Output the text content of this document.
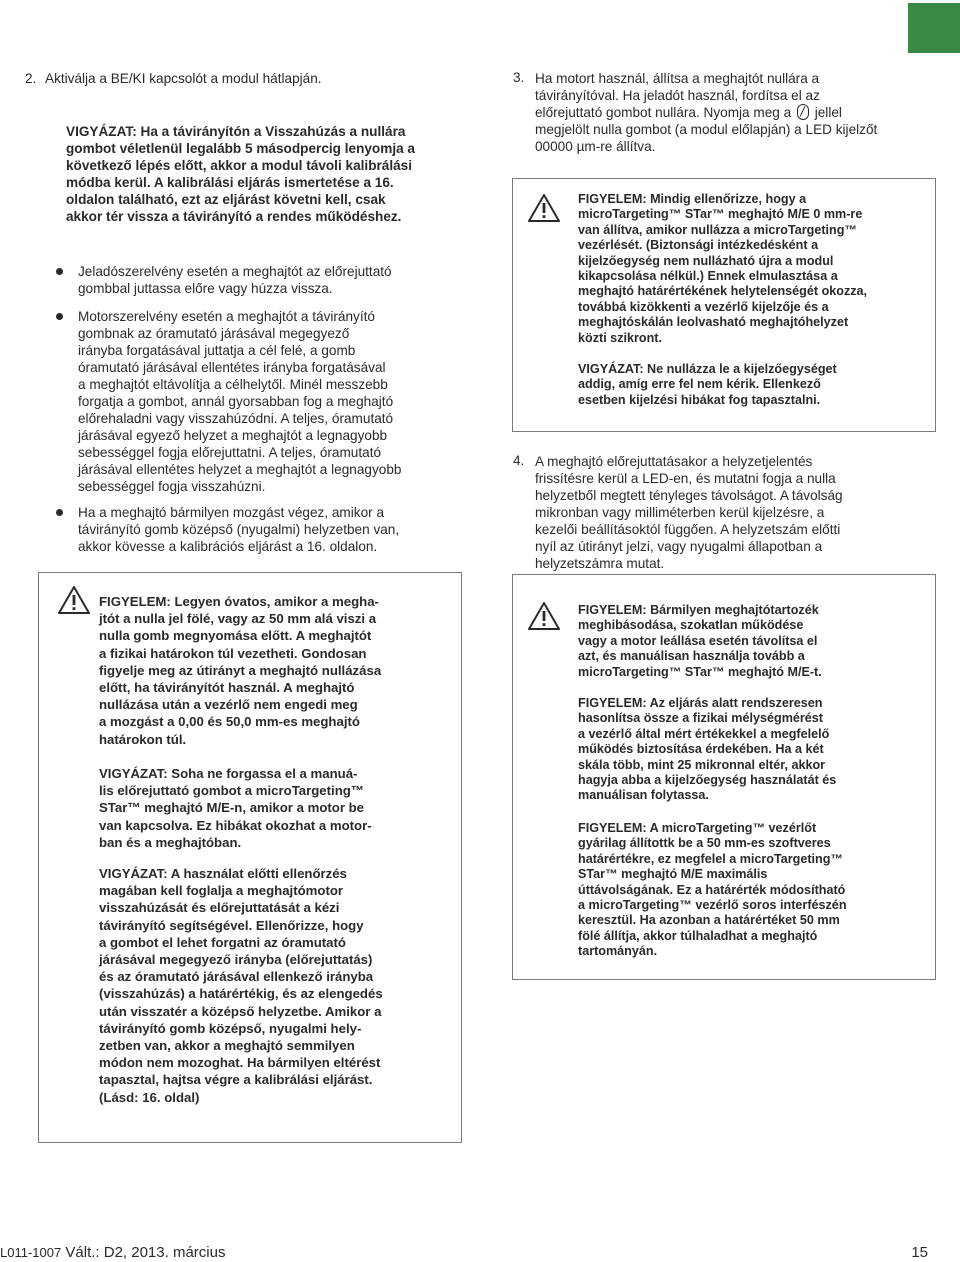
2. Aktiválja a BE/KI kapcsolót a modul hátlapján.

VIGYÁZAT: Ha a távirányítón a Visszahúzás a nullára

gombot véletlenül legalább 5 másodpercig lenyomja a

következő lépés előtt, akkor a modul távoli kalibrálási

módba kerül. A kalibrálási eljárás ismertetése a 16.

oldalon található, ezt az eljárást követni kell, csak

akkor tér vissza a távirányító a rendes működéshez.

Jeladószerelvény esetén a meghajtót az előrejuttató

gombbal juttassa előre vagy húzza vissza.

Motorszerelvény esetén a meghajtót a távirányító

gombnak az óramutató járásával megegyező

irányba forgatásával juttatja a cél felé, a gomb

óramutató járásával ellentétes irányba forgatásával

a meghajtót eltávolítja a célhelytől. Minél messzebb

forgatja a gombot, annál gyorsabban fog a meghajtó

előrehaladni vagy visszahúzódni. A teljes, óramutató

járásával egyező helyzet a meghajtót a legnagyobb

sebességgel fogja előrejuttatni. A teljes, óramutató

járásával ellentétes helyzet a meghajtót a legnagyobb

sebességgel fogja visszahúzni.

Ha a meghajtó bármilyen mozgást végez, amikor a

távirányító gomb középső (nyugalmi) helyzetben van,

akkor kövesse a kalibrációs eljárást a 16. oldalon.

FIGYELEM: Legyen óvatos, amikor a megha-
jtót a nulla jel fölé, vagy az 50 mm alá viszi a
nulla gomb megnyomása előtt. A meghajtót
a fizikai határokon túl vezetheti. Gondosan
figyelje meg az útirányt a meghajtó nullázása
előtt, ha távirányítót használ. A meghajtó
nullázása után a vezérlő nem engedi meg
a mozgást a 0,00 és 50,0 mm-es meghajtó
határokon túl.
VIGYÁZAT: Soha ne forgassa el a manuá-
lis előrejuttató gombot a microTargeting™
STar™ meghajtó M/E-n, amikor a motor be
van kapcsolva. Ez hibákat okozhat a motor-
ban és a meghajtóban.
VIGYÁZAT: A használat előtti ellenőrzés
magában kell foglalja a meghajtómotor
visszahúzását és előrejuttatását a kézi
távirányító segítségével. Ellenőrizze, hogy
a gombot el lehet forgatni az óramutató
járásával megegyező irányba (előrejuttatás)
és az óramutató járásával ellenkező irányba
(visszahúzás) a határértékig, és az elengedés
után visszatér a középső helyzetbe. Amikor a
távirányító gomb középső, nyugalmi hely-
zetben van, akkor a meghajtó semmilyen
módon nem mozoghat. Ha bármilyen eltérést
tapasztal, hajtsa végre a kalibrálási eljárást.
(Lásd: 16. oldal)
3. Ha motort használ, állítsa a meghajtót nullára a

távirányítóval. Ha jeladót használ, fordítsa el az

előrejuttató gombot nullára. Nyomja meg a jellel

megjelölt nulla gombot (a modul előlapján) a LED kijelzőt

00000 µm-re állítva.

FIGYELEM: Mindig ellenőrizze, hogy a
microTargeting™ STar™ meghajtó M/E 0 mm-re
van állítva, amikor nullázza a microTargeting™
vezérlését. (Biztonsági intézkedésként a
kijelzőegység nem nullázható újra a modul
kikapcsolása nélkül.) Ennek elmulasztása a
meghajtó határértékének helytelenségét okozza,
továbbá kizökkenti a vezérlő kijelzője és a
meghajtóskálán leolvasható meghajtóhelyzet
közti szikront.
VIGYÁZAT: Ne nullázza le a kijelzőegységet
addig, amíg erre fel nem kérik. Ellenkező
esetben kijelzési hibákat fog tapasztalni.
4. A meghajtó előrejuttatásakor a helyzetjelentés

frissítésre kerül a LED-en, és mutatni fogja a nulla

helyzetből megtett tényleges távolságot. A távolság

mikronban vagy milliméterben kerül kijelzésre, a

kezelői beállításoktól függően. A helyzetszám előtti

nyíl az útirányt jelzi, vagy nyugalmi állapotban a

helyzetszámra mutat.

FIGYELEM: Bármilyen meghajtótartozék
meghibásodása, szokatlan működése
vagy a motor leállása esetén távolítsa el
azt, és manuálisan használja tovább a
microTargeting™ STar™ meghajtó M/E-t.
FIGYELEM: Az eljárás alatt rendszeresen
hasonlítsa össze a fizikai mélységmérést
a vezérlő által mért értékekkel a megfelelő
működés biztosítása érdekében. Ha a két
skála több, mint 25 mikronnal eltér, akkor
hagyja abba a kijelzőegység használatát és
manuálisan folytassa.
FIGYELEM: A microTargeting™ vezérlőt
gyárilag állítottk be a 50 mm-es szoftveres
határértékre, ez megfelel a microTargeting™
STar™ meghajtó M/E maximális
úttávolságának. Ez a határérték módosítható
a microTargeting™ vezérlő soros interfészén
keresztül. Ha azonban a határértéket 50 mm
fölé állítja, akkor túlhaladhat a meghajtó
tartományán.
L011-1007 Vált.: D2, 2013. március	15
